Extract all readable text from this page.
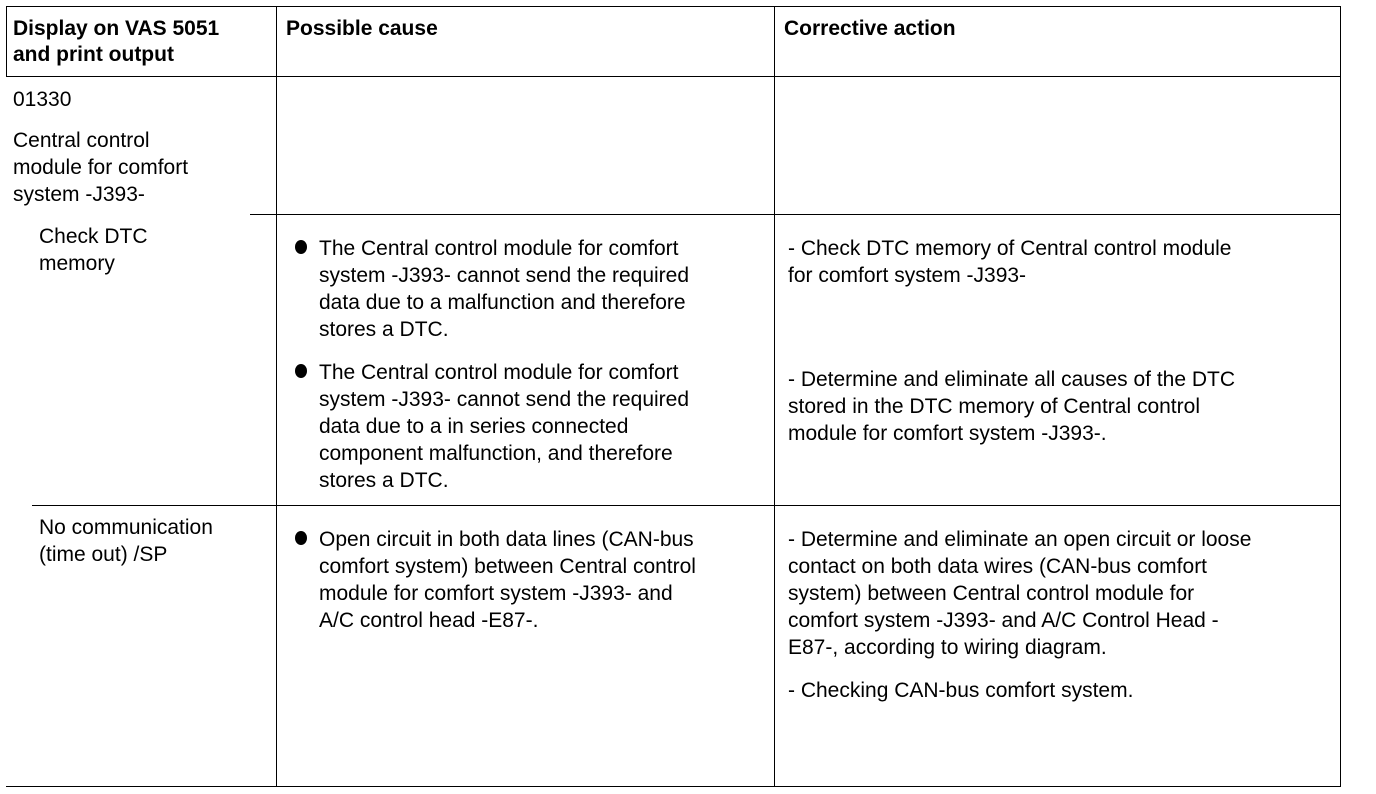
Display on VAS 5051
and print output
Possible cause	Corrective action
01330
Central control
module for comfort
system -J393-
Check DTC
memory
The Central control module for comfort
system -J393- cannot send the required
data due to a malfunction and therefore
stores a DTC.
The Central control module for comfort
system -J393- cannot send the required
data due to a in series connected
component malfunction, and therefore
stores a DTC.
- Check DTC memory of Central control module
for comfort system -J393-
- Determine and eliminate all causes of the DTC
stored in the DTC memory of Central control
module for comfort system -J393-.
No communication
(time out) /SP
Open circuit in both data lines (CAN-bus
comfort system) between Central control
module for comfort system -J393- and
A/C control head -E87-.
- Determine and eliminate an open circuit or loose
contact on both data wires (CAN-bus comfort
system) between Central control module for
comfort system -J393- and A/C Control Head -
E87-, according to wiring diagram.
- Checking CAN-bus comfort system.
